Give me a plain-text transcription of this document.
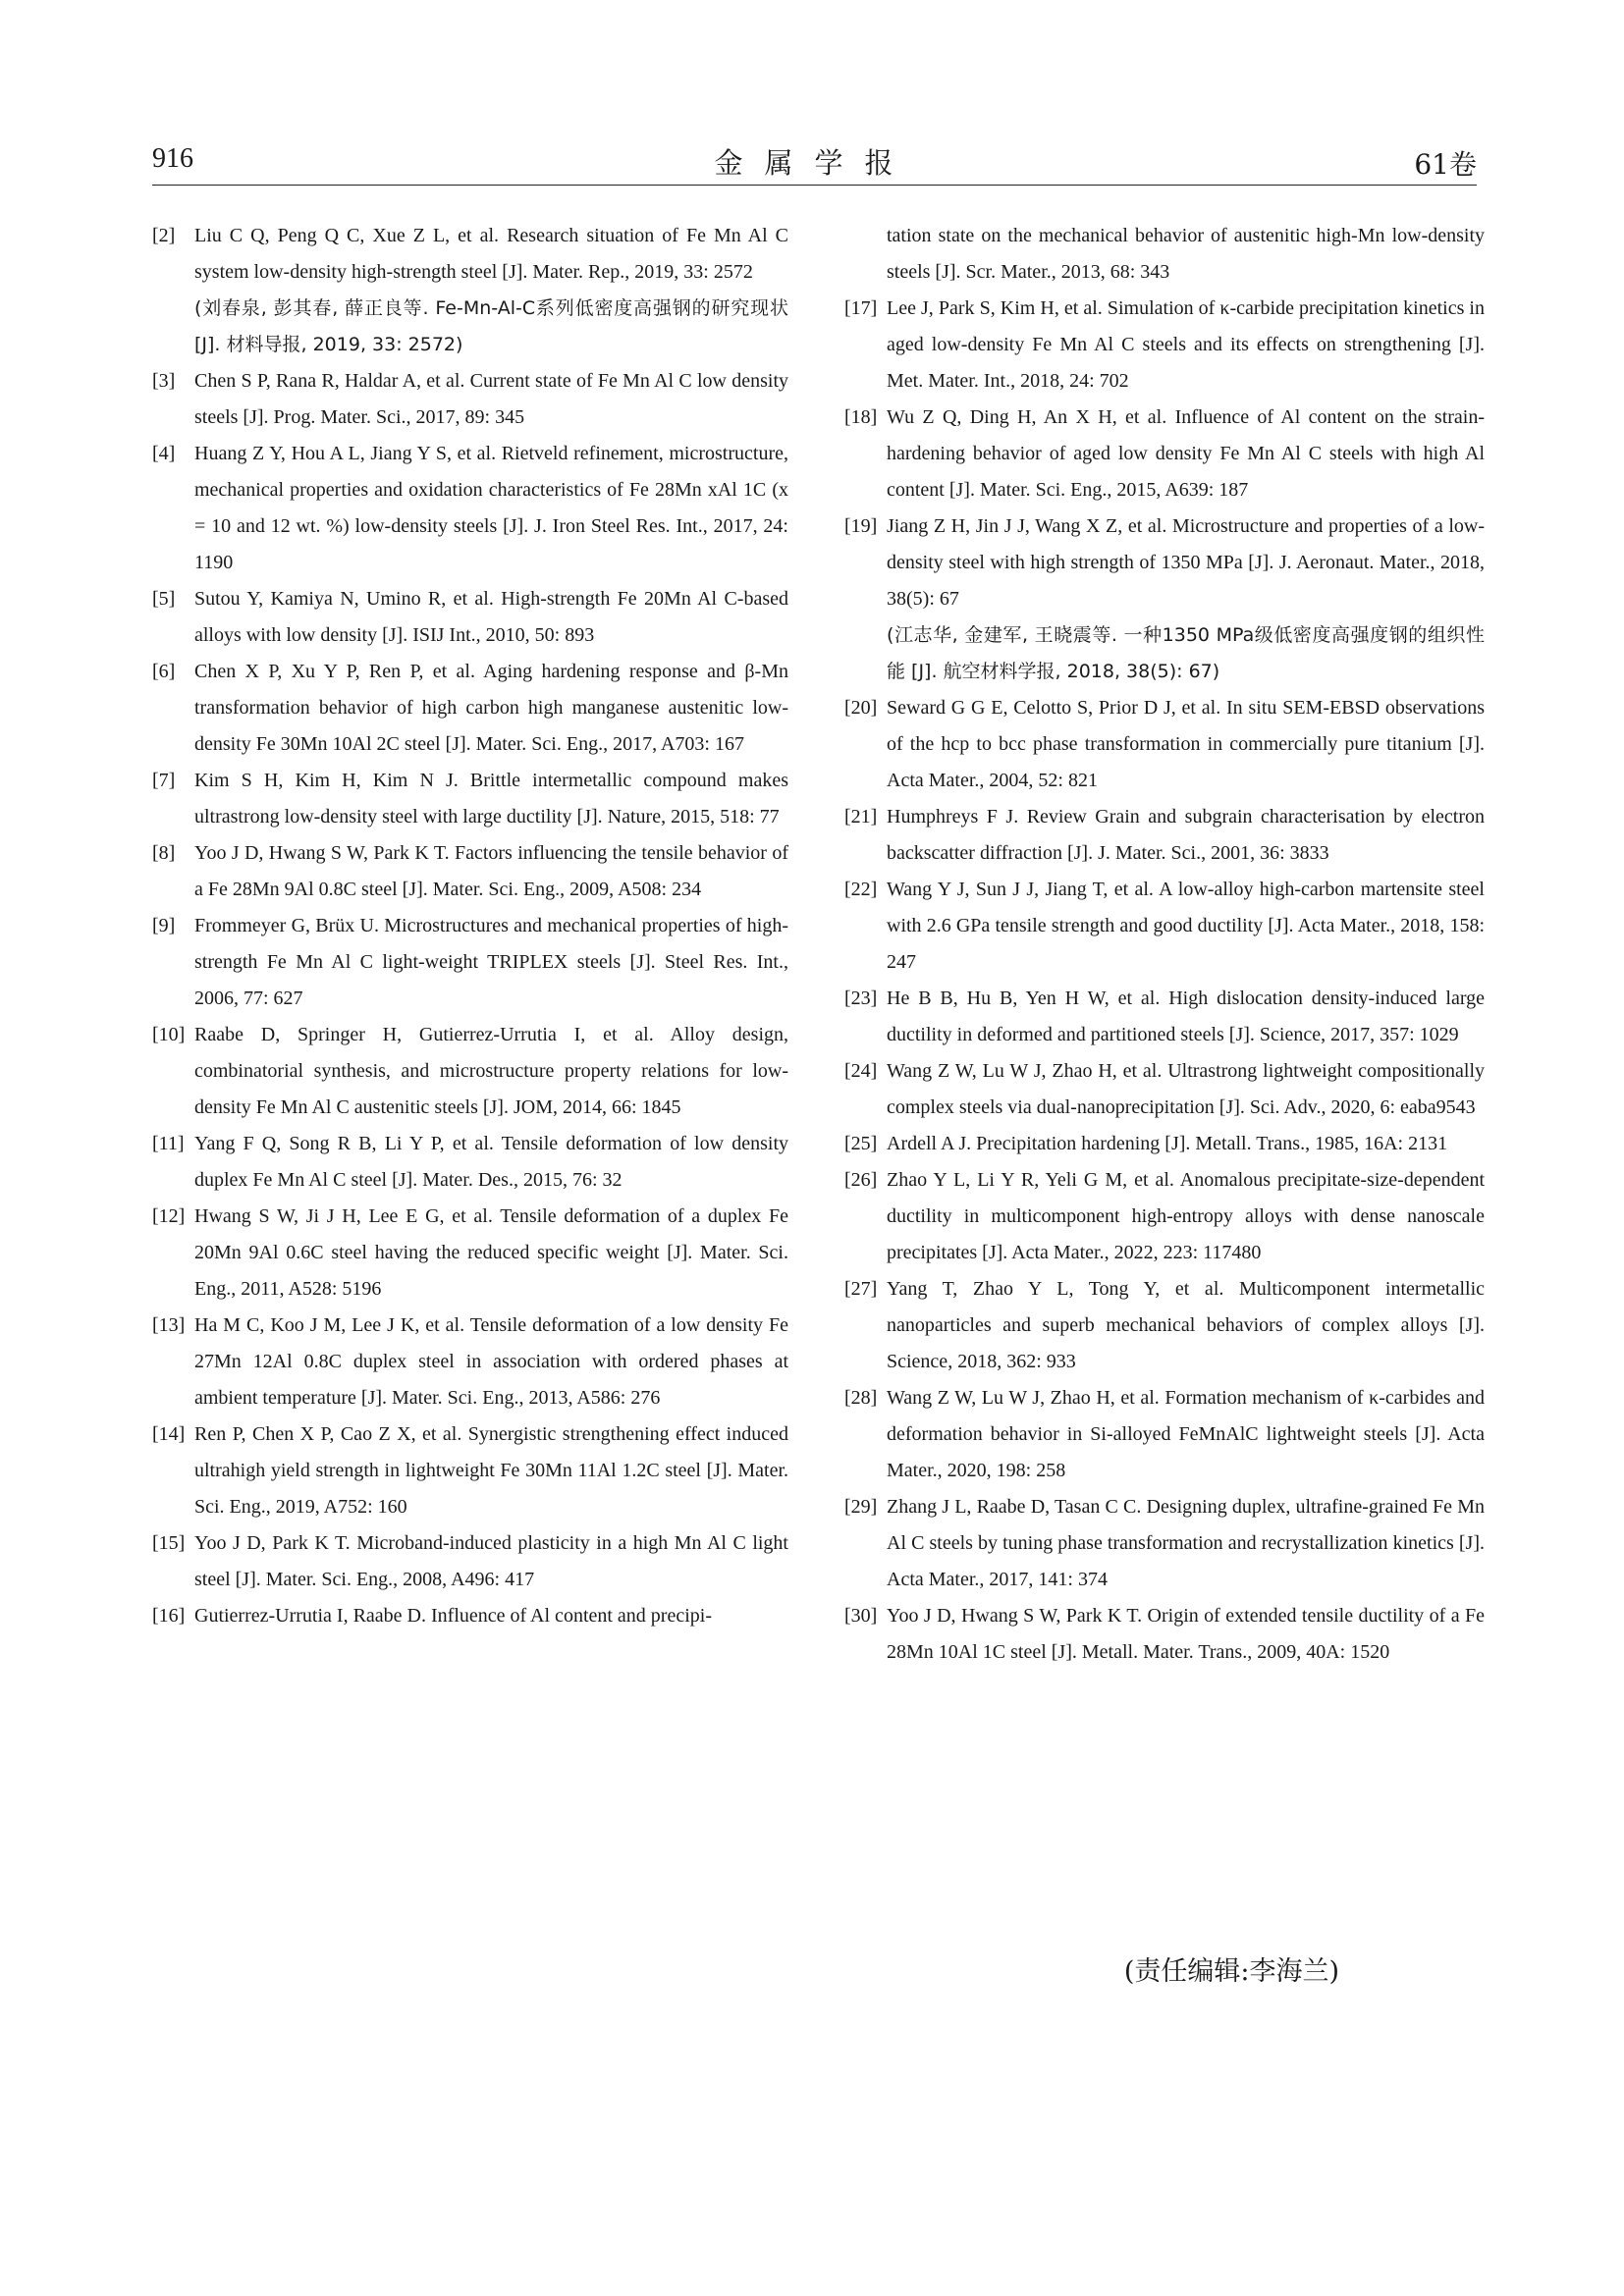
916	金属学报	61卷
[2] Liu C Q, Peng Q C, Xue Z L, et al. Research situation of Fe Mn Al C system low-density high-strength steel [J]. Mater. Rep., 2019, 33: 2572
(刘春泉, 彭其春, 薛正良等. Fe-Mn-Al-C系列低密度高强钢的研究现状 [J]. 材料导报, 2019, 33: 2572)
[3] Chen S P, Rana R, Haldar A, et al. Current state of Fe Mn Al C low density steels [J]. Prog. Mater. Sci., 2017, 89: 345
[4] Huang Z Y, Hou A L, Jiang Y S, et al. Rietveld refinement, microstructure, mechanical properties and oxidation characteristics of Fe 28Mn xAl 1C (x = 10 and 12 wt. %) low-density steels [J]. J. Iron Steel Res. Int., 2017, 24: 1190
[5] Sutou Y, Kamiya N, Umino R, et al. High-strength Fe 20Mn Al C-based alloys with low density [J]. ISIJ Int., 2010, 50: 893
[6] Chen X P, Xu Y P, Ren P, et al. Aging hardening response and β-Mn transformation behavior of high carbon high manganese austenitic low-density Fe 30Mn 10Al 2C steel [J]. Mater. Sci. Eng., 2017, A703: 167
[7] Kim S H, Kim H, Kim N J. Brittle intermetallic compound makes ultrastrong low-density steel with large ductility [J]. Nature, 2015, 518: 77
[8] Yoo J D, Hwang S W, Park K T. Factors influencing the tensile behavior of a Fe 28Mn 9Al 0.8C steel [J]. Mater. Sci. Eng., 2009, A508: 234
[9] Frommeyer G, Brüx U. Microstructures and mechanical properties of high-strength Fe Mn Al C light-weight TRIPLEX steels [J]. Steel Res. Int., 2006, 77: 627
[10] Raabe D, Springer H, Gutierrez-Urrutia I, et al. Alloy design, combinatorial synthesis, and microstructure property relations for low-density Fe Mn Al C austenitic steels [J]. JOM, 2014, 66: 1845
[11] Yang F Q, Song R B, Li Y P, et al. Tensile deformation of low density duplex Fe Mn Al C steel [J]. Mater. Des., 2015, 76: 32
[12] Hwang S W, Ji J H, Lee E G, et al. Tensile deformation of a duplex Fe 20Mn 9Al 0.6C steel having the reduced specific weight [J]. Mater. Sci. Eng., 2011, A528: 5196
[13] Ha M C, Koo J M, Lee J K, et al. Tensile deformation of a low density Fe 27Mn 12Al 0.8C duplex steel in association with ordered phases at ambient temperature [J]. Mater. Sci. Eng., 2013, A586: 276
[14] Ren P, Chen X P, Cao Z X, et al. Synergistic strengthening effect induced ultrahigh yield strength in lightweight Fe 30Mn 11Al 1.2C steel [J]. Mater. Sci. Eng., 2019, A752: 160
[15] Yoo J D, Park K T. Microband-induced plasticity in a high Mn Al C light steel [J]. Mater. Sci. Eng., 2008, A496: 417
[16] Gutierrez-Urrutia I, Raabe D. Influence of Al content and precipi-
tation state on the mechanical behavior of austenitic high-Mn low-density steels [J]. Scr. Mater., 2013, 68: 343
[17] Lee J, Park S, Kim H, et al. Simulation of κ-carbide precipitation kinetics in aged low-density Fe Mn Al C steels and its effects on strengthening [J]. Met. Mater. Int., 2018, 24: 702
[18] Wu Z Q, Ding H, An X H, et al. Influence of Al content on the strain-hardening behavior of aged low density Fe Mn Al C steels with high Al content [J]. Mater. Sci. Eng., 2015, A639: 187
[19] Jiang Z H, Jin J J, Wang X Z, et al. Microstructure and properties of a low-density steel with high strength of 1350 MPa [J]. J. Aeronaut. Mater., 2018, 38(5): 67
(江志华, 金建军, 王晓震等. 一种1350 MPa级低密度高强度钢的组织性能 [J]. 航空材料学报, 2018, 38(5): 67)
[20] Seward G G E, Celotto S, Prior D J, et al. In situ SEM-EBSD observations of the hcp to bcc phase transformation in commercially pure titanium [J]. Acta Mater., 2004, 52: 821
[21] Humphreys F J. Review Grain and subgrain characterisation by electron backscatter diffraction [J]. J. Mater. Sci., 2001, 36: 3833
[22] Wang Y J, Sun J J, Jiang T, et al. A low-alloy high-carbon martensite steel with 2.6 GPa tensile strength and good ductility [J]. Acta Mater., 2018, 158: 247
[23] He B B, Hu B, Yen H W, et al. High dislocation density-induced large ductility in deformed and partitioned steels [J]. Science, 2017, 357: 1029
[24] Wang Z W, Lu W J, Zhao H, et al. Ultrastrong lightweight compositionally complex steels via dual-nanoprecipitation [J]. Sci. Adv., 2020, 6: eaba9543
[25] Ardell A J. Precipitation hardening [J]. Metall. Trans., 1985, 16A: 2131
[26] Zhao Y L, Li Y R, Yeli G M, et al. Anomalous precipitate-size-dependent ductility in multicomponent high-entropy alloys with dense nanoscale precipitates [J]. Acta Mater., 2022, 223: 117480
[27] Yang T, Zhao Y L, Tong Y, et al. Multicomponent intermetallic nanoparticles and superb mechanical behaviors of complex alloys [J]. Science, 2018, 362: 933
[28] Wang Z W, Lu W J, Zhao H, et al. Formation mechanism of κ-carbides and deformation behavior in Si-alloyed FeMnAlC lightweight steels [J]. Acta Mater., 2020, 198: 258
[29] Zhang J L, Raabe D, Tasan C C. Designing duplex, ultrafine-grained Fe Mn Al C steels by tuning phase transformation and recrystallization kinetics [J]. Acta Mater., 2017, 141: 374
[30] Yoo J D, Hwang S W, Park K T. Origin of extended tensile ductility of a Fe 28Mn 10Al 1C steel [J]. Metall. Mater. Trans., 2009, 40A: 1520
(责任编辑:李海兰)
